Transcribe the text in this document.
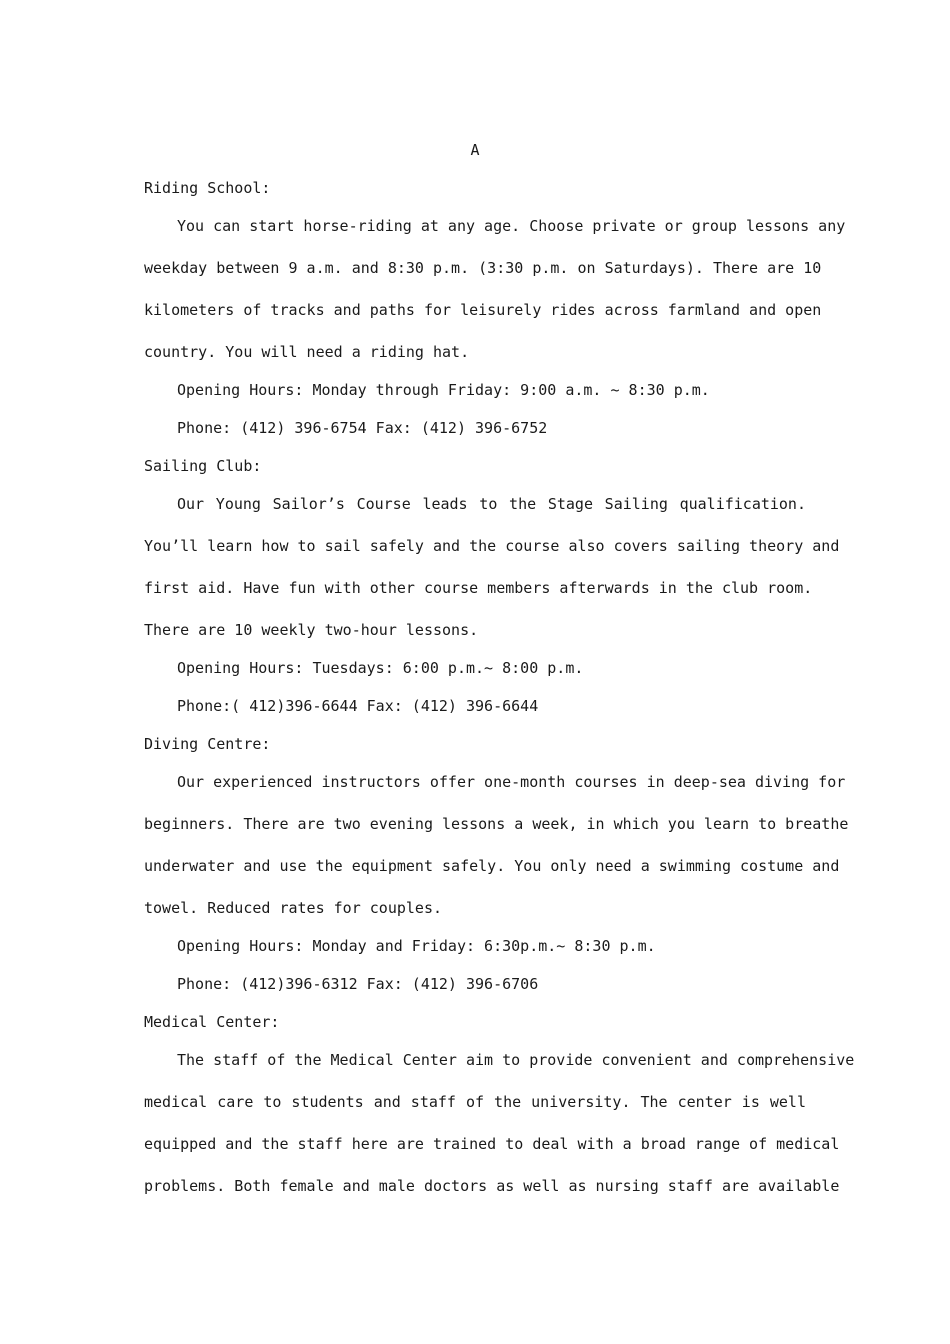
A
Riding School:
You can start horse-riding at any age. Choose private or group lessons any
weekday between 9 a.m. and 8:30 p.m. (3:30 p.m. on Saturdays). There are 10
kilometers of tracks and paths for leisurely rides across farmland and open
country. You will need a riding hat.
Opening Hours: Monday through Friday: 9:00 a.m. ~ 8:30 p.m.
Phone: (412) 396-6754 Fax: (412) 396-6752
Sailing Club:
Our Young Sailor’s Course leads to the Stage Sailing qualification.
You’ll learn how to sail safely and the course also covers sailing theory and
first aid. Have fun with other course members afterwards in the club room.
There are 10 weekly two-hour lessons.
Opening Hours: Tuesdays: 6:00 p.m.~ 8:00 p.m.
Phone:( 412)396-6644 Fax: (412) 396-6644
Diving Centre:
Our experienced instructors offer one-month courses in deep-sea diving for
beginners. There are two evening lessons a week, in which you learn to breathe
underwater and use the equipment safely. You only need a swimming costume and
towel. Reduced rates for couples.
Opening Hours: Monday and Friday: 6:30p.m.~ 8:30 p.m.
Phone: (412)396-6312 Fax: (412) 396-6706
Medical Center:
The staff of the Medical Center aim to provide convenient and comprehensive
medical care to students and staff of the university. The center is well
equipped and the staff here are trained to deal with a broad range of medical
problems. Both female and male doctors as well as nursing staff are available
